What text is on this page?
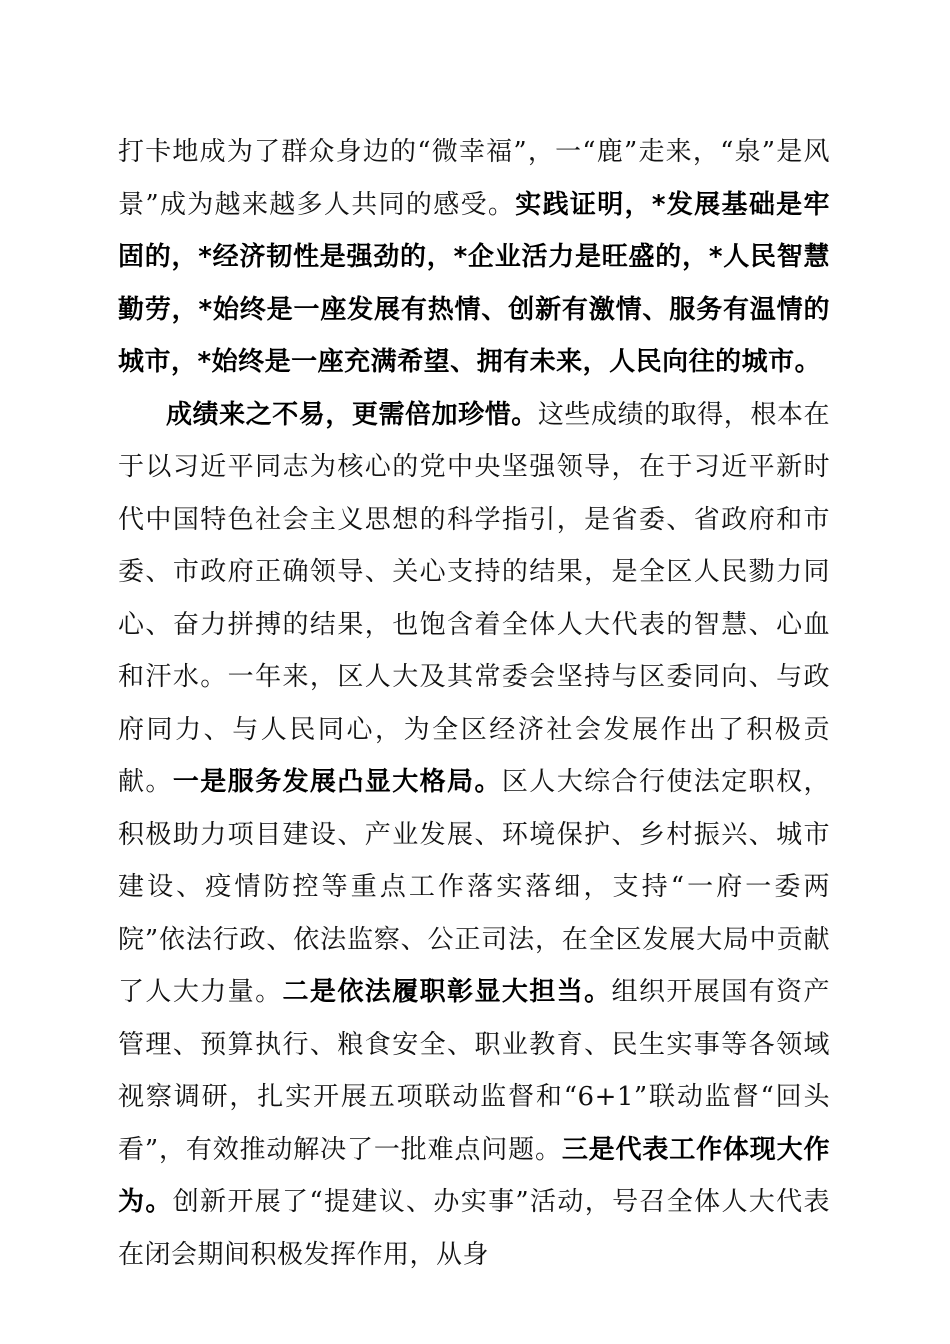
打卡地成为了群众身边的“微幸福”，一“鹿”走来，“泉”是风景”成为越来越多人共同的感受。实践证明，*发展基础是牢固的，*经济韧性是强劲的，*企业活力是旺盛的，*人民智慧勤劳，*始终是一座发展有热情、创新有激情、服务有温情的城市，*始终是一座充满希望、拥有未来，人民向往的城市。

成绩来之不易，更需倍加珍惜。这些成绩的取得，根本在于以习近平同志为核心的党中央坚强领导，在于习近平新时代中国特色社会主义思想的科学指引，是省委、省政府和市委、市政府正确领导、关心支持的结果，是全区人民勠力同心、奋力拼搏的结果，也饱含着全体人大代表的智慧、心血和汗水。一年来，区人大及其常委会坚持与区委同向、与政府同力、与人民同心，为全区经济社会发展作出了积极贡献。一是服务发展凸显大格局。区人大综合行使法定职权，积极助力项目建设、产业发展、环境保护、乡村振兴、城市建设、疫情防控等重点工作落实落细，支持“一府一委两院”依法行政、依法监察、公正司法，在全区发展大局中贡献了人大力量。二是依法履职彰显大担当。组织开展国有资产管理、预算执行、粮食安全、职业教育、民生实事等各领域视察调研，扎实开展五项联动监督和“6+1”联动监督“回头看”，有效推动解决了一批难点问题。三是代表工作体现大作为。创新开展了“提建议、办实事”活动，号召全体人大代表在闭会期间积极发挥作用，从身
